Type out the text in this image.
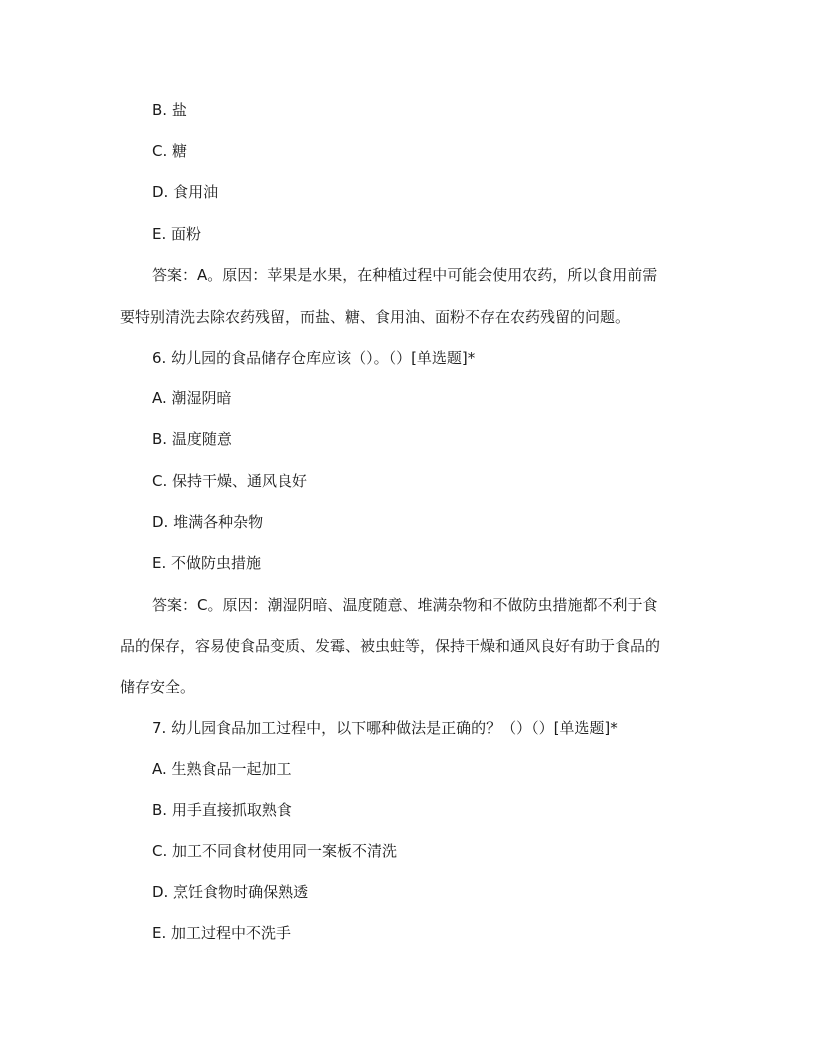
B. 盐
C. 糖
D. 食用油
E. 面粉
答案：A。原因：苹果是水果，在种植过程中可能会使用农药，所以食用前需
要特别清洗去除农药残留，而盐、糖、食用油、面粉不存在农药残留的问题。
6. 幼儿园的食品储存仓库应该（）。（）[单选题]*
A. 潮湿阴暗
B. 温度随意
C. 保持干燥、通风良好
D. 堆满各种杂物
E. 不做防虫措施
答案：C。原因：潮湿阴暗、温度随意、堆满杂物和不做防虫措施都不利于食
品的保存，容易使食品变质、发霉、被虫蛀等，保持干燥和通风良好有助于食品的
储存安全。
7. 幼儿园食品加工过程中，以下哪种做法是正确的？（）（）[单选题]*
A. 生熟食品一起加工
B. 用手直接抓取熟食
C. 加工不同食材使用同一案板不清洗
D. 烹饪食物时确保熟透
E. 加工过程中不洗手
